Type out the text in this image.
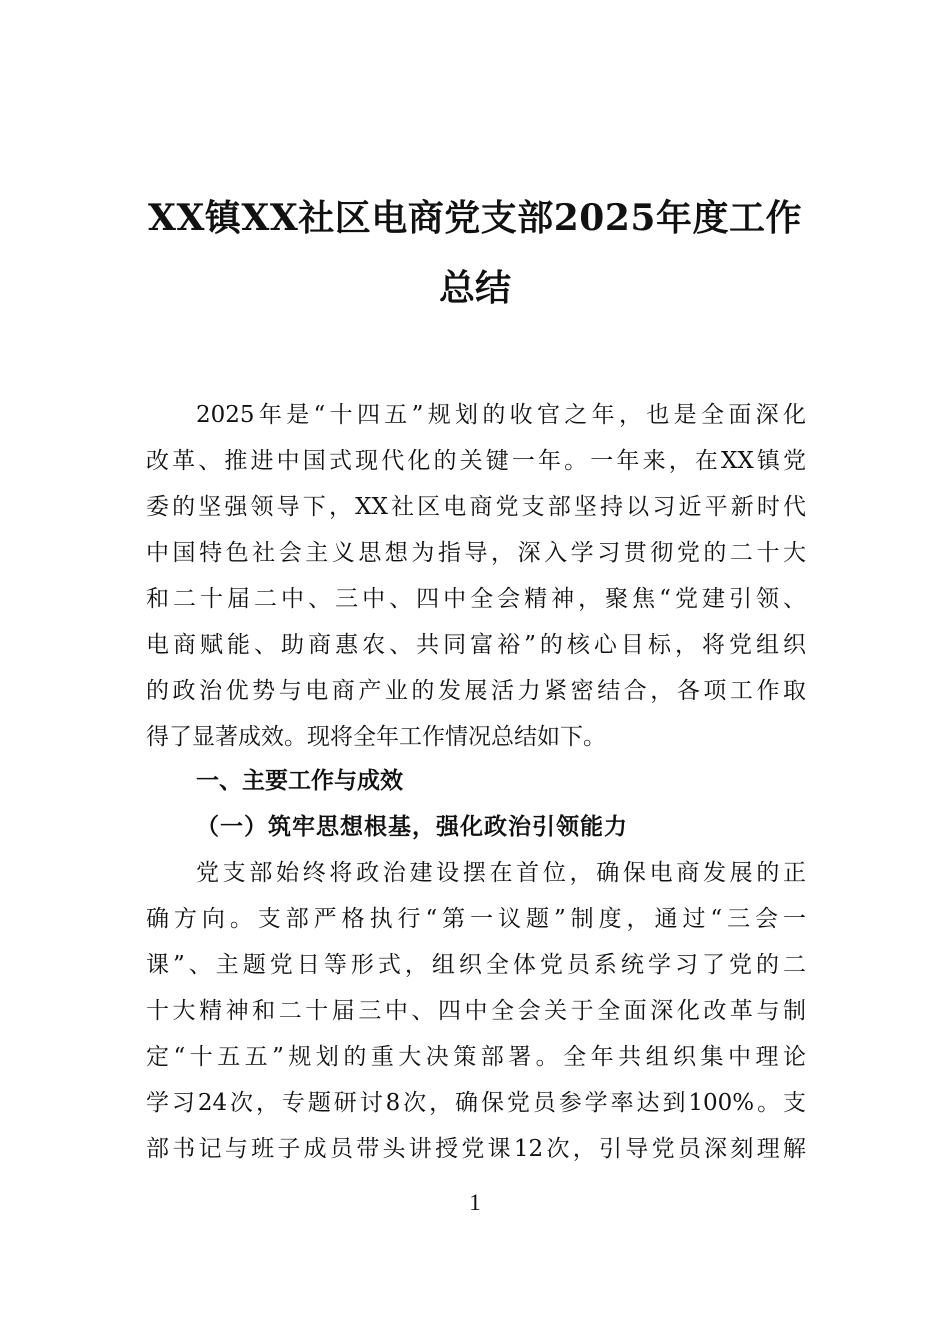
XX镇XX社区电商党支部2025年度工作
总结

2025年是“十四五”规划的收官之年，也是全面深化

改革、推进中国式现代化的关键一年。一年来，在XX镇党

委的坚强领导下，XX社区电商党支部坚持以习近平新时代

中国特色社会主义思想为指导，深入学习贯彻党的二十大

和二十届二中、三中、四中全会精神，聚焦“党建引领、

电商赋能、助商惠农、共同富裕”的核心目标，将党组织

的政治优势与电商产业的发展活力紧密结合，各项工作取

得了显著成效。现将全年工作情况总结如下。

一、主要工作与成效
（一）筑牢思想根基，强化政治引领能力

党支部始终将政治建设摆在首位，确保电商发展的正

确方向。支部严格执行“第一议题”制度，通过“三会一

课”、主题党日等形式，组织全体党员系统学习了党的二

十大精神和二十届三中、四中全会关于全面深化改革与制

定“十五五”规划的重大决策部署。全年共组织集中理论

学习24次，专题研讨8次，确保党员参学率达到100%。支

部书记与班子成员带头讲授党课12次，引导党员深刻理解

1
